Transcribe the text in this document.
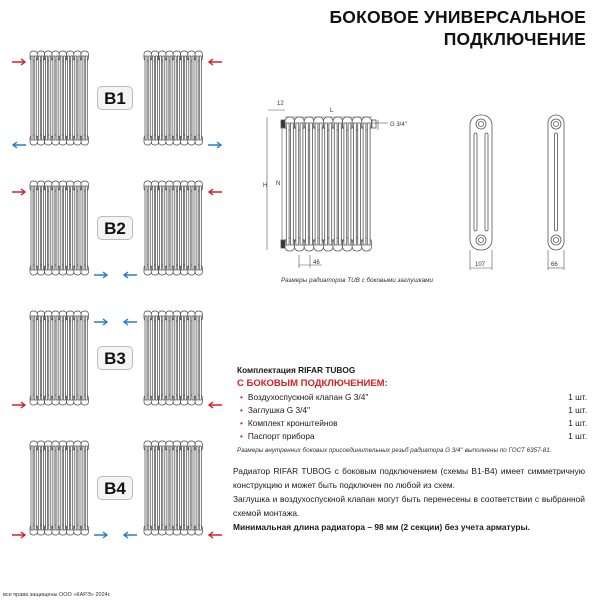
БОКОВОЕ УНИВЕРСАЛЬНОЕ
ПОДКЛЮЧЕНИЕ
B1
B2
B3
B4
12
L
G 3/4''
H N
46	107	66
Размеры радиаторов TUB с боковыми заглушками
Комплектация RIFAR TUBOG
С БОКОВЫМ ПОДКЛЮЧЕНИЕМ:
• Воздухоспускной клапан G 3/4''	1 шт.
• Заглушка G 3/4''	1 шт.
• Комплект кронштейнов	1 шт.
• Паспорт прибора	1 шт.
Размеры внутренних боковых присоединительных резьб радиатора G 3/4'' выполнены по ГОСТ 6357-81.
Радиатор RIFAR TUBOG с боковым подключением (схемы B1-B4) имеет симметричную конструкцию и может быть подключен по любой из схем.
Заглушка и воздухоспускной клапан могут быть перенесены в соответствии с выбранной схемой монтажа.
Минимальная длина радиатора – 98 мм (2 секции) без учета арматуры.
все права защищены ООО «КАРЭ» 2024г.
